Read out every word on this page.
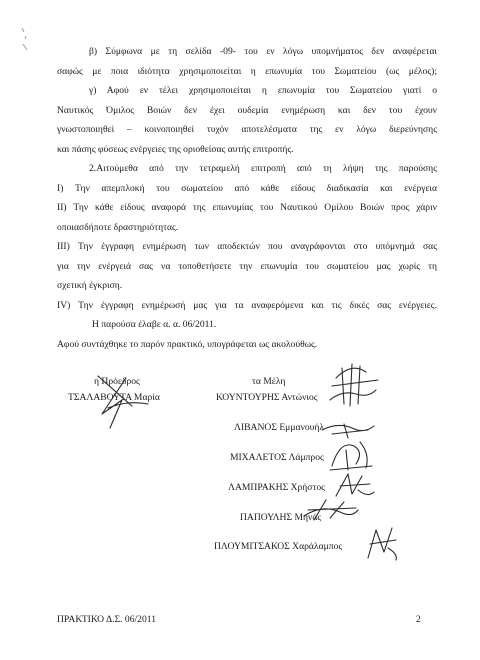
β) Σύμφωνα με τη σελίδα -09- του εν λόγω υπομνήματος δεν αναφέρεται
σαφώς με ποια ιδιότητα χρησιμοποιείται η επωνυμία του Σωματείου (ως μέλος);
γ) Αφού εν τέλει χρησιμοποιείται η επωνυμία του Σωματείου γιατί ο
Ναυτικός Όμιλος Βοιών δεν έχει ουδεμία ενημέρωση και δεν του έχουν
γνωστοποιηθεί – κοινοποιηθεί τυχόν αποτελέσματα της εν λόγω διερεύνησης
και πάσης φύσεως ενέργειες της οριοθείσας αυτής επιτροπής.
2.Αιτούμεθα από την τετραμελή επιτροπή από τη λήψη της παρούσης
I) Την απεμπλοκή του σωματείου από κάθε είδους διαδικασία και ενέργεια
II) Την κάθε είδους αναφορά της επωνυμίας του Ναυτικού Ομίλου Βοιών προς χάριν
οποιασδήποτε δραστηριότητας.
III) Την έγγραφη ενημέρωση των αποδεκτών που αναγράφονται στο υπόμνημά σας
για την ενέργειά σας να τοποθετήσετε την επωνυμία του σωματείου μας χωρίς τη
σχετική έγκριση.
IV) Την έγγραφη ενημέρωσή μας για τα αναφερόμενα και τις δικές σας ενέργειες.
Η παρούσα έλαβε α. α. 06/2011.
Αφού συντάχθηκε το παρόν πρακτικό, υπογράφεται ως ακολούθως.
η Πρόεδρος
ΤΣΑΛΑΒΟΥΤΑ Μαρία
τα Μέλη
ΚΟΥΝΤΟΥΡΗΣ Αντώνιος
ΛΙΒΑΝΟΣ Εμμανουήλ
ΜΙΧΑΛΕΤΟΣ Λάμπρος
ΛΑΜΠΡΑΚΗΣ Χρήστος
ΠΑΠΟΥΛΗΣ Μηνάς
ΠΛΟΥΜΙΤΣΑΚΟΣ Χαράλαμπος
ΠΡΑΚΤΙΚΟ Δ.Σ. 06/2011	2
